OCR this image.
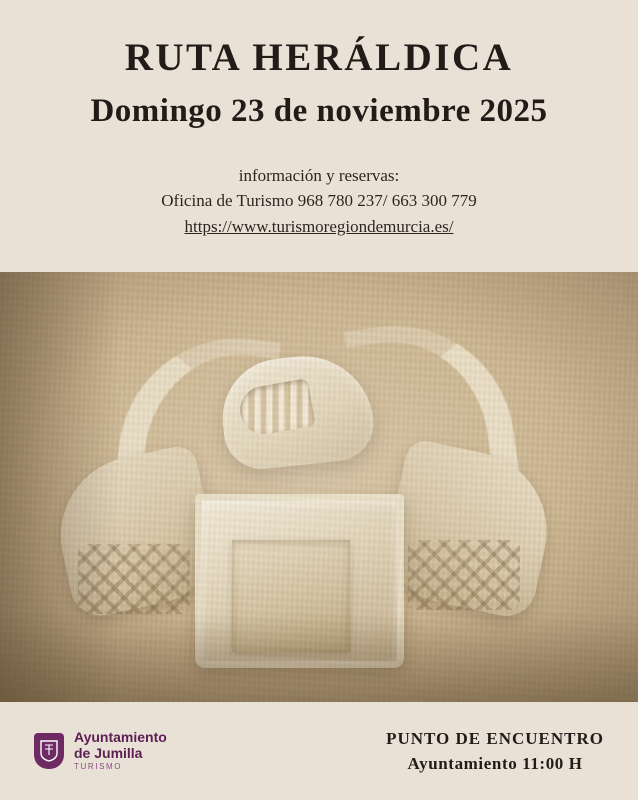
RUTA HERÁLDICA
Domingo 23 de noviembre 2025

información y reservas:

Oficina de Turismo 968 780 237/ 663 300 779

https://www.turismoregiondemurcia.es/
Ayuntamiento
de Jumilla
TURISMO

PUNTO DE ENCUENTRO

Ayuntamiento 11:00 H
